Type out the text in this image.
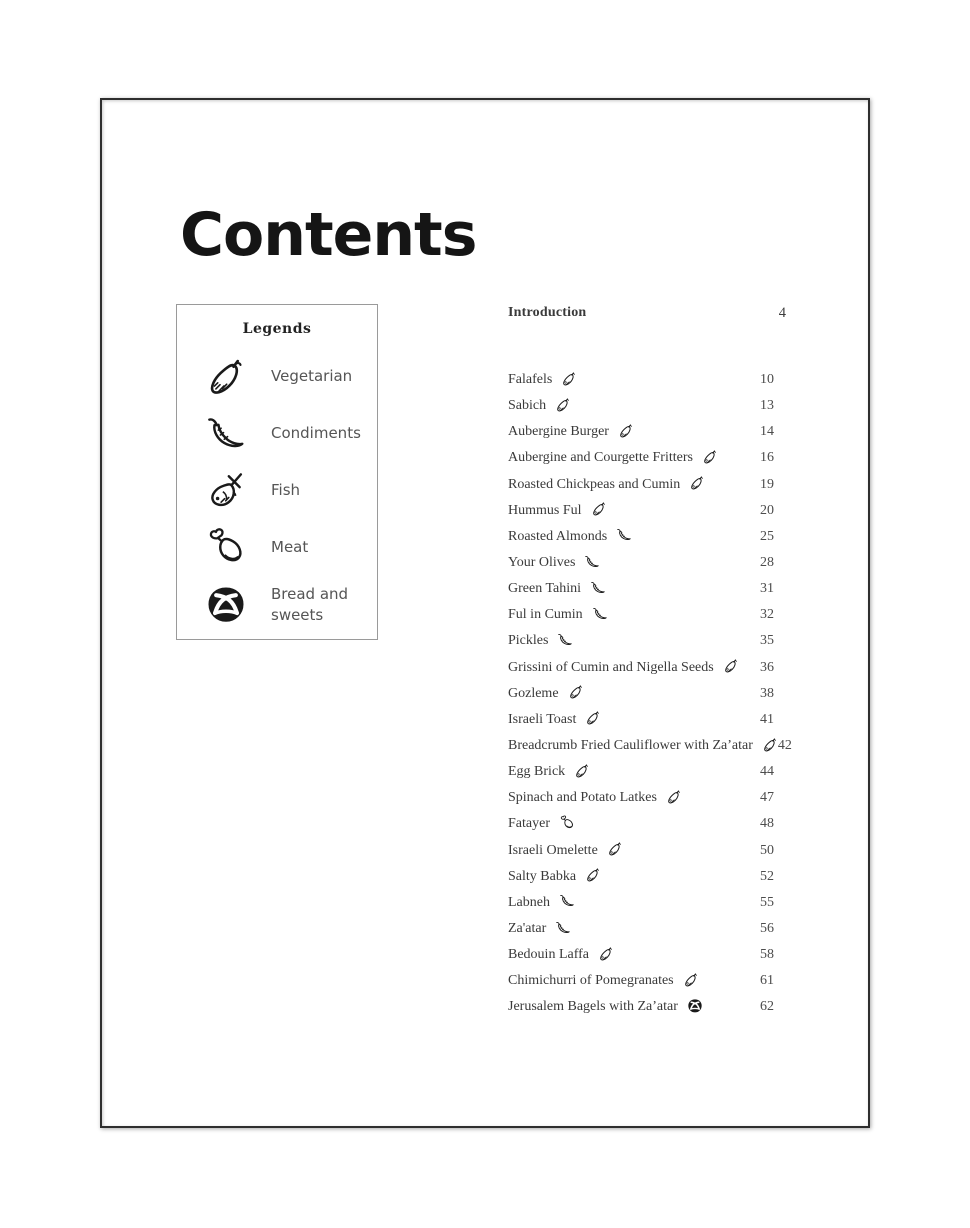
Contents
Legends
Vegetarian
Condiments
Fish
Meat
Bread and sweets
Introduction	4
Falafels	10
Sabich	13
Aubergine Burger	14
Aubergine and Courgette Fritters	16
Roasted Chickpeas and Cumin	19
Hummus Ful	20
Roasted Almonds	25
Your Olives	28
Green Tahini	31
Ful in Cumin	32
Pickles	35
Grissini of Cumin and Nigella Seeds	36
Gozleme	38
Israeli Toast	41
Breadcrumb Fried Cauliflower with Za’atar 42
Egg Brick	44
Spinach and Potato Latkes	47
Fatayer	48
Israeli Omelette	50
Salty Babka	52
Labneh	55
Za'atar	56
Bedouin Laffa	58
Chimichurri of Pomegranates	61
Jerusalem Bagels with Za’atar	62
